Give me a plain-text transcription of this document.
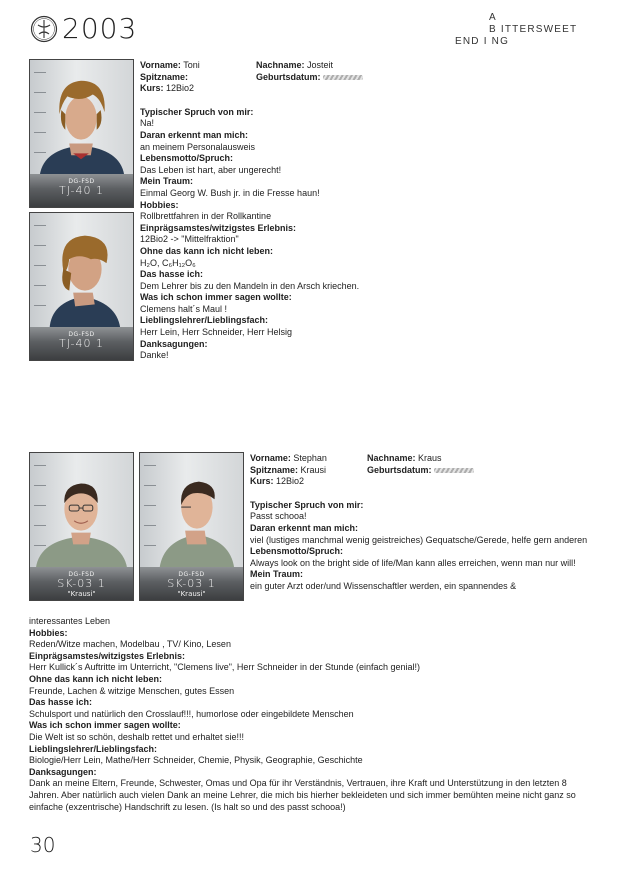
2003	A
B ITTERSWEET
END I NG
DG-FSD
TJ-40 1
DG-FSD
TJ-40 1
Vorname: Toni	Nachname: Josteit
Spitzname:	Geburtsdatum:
Kurs: 12Bio2
Typischer Spruch von mir:
Na!
Daran erkennt man mich:
an meinem Personalausweis
Lebensmotto/Spruch:
Das Leben ist hart, aber ungerecht!
Mein Traum:
Einmal Georg W. Bush jr. in die Fresse haun!
Hobbies:
Rollbrettfahren in der Rollkantine
Einprägsamstes/witzigstes Erlebnis:
12Bio2 -> "Mittelfraktion"
Ohne das kann ich nicht leben:
H₂O, C₆H₁₂O₆
Das hasse ich:
Dem Lehrer bis zu den Mandeln in den Arsch kriechen.
Was ich schon immer sagen wollte:
Clemens halt´s Maul !
Lieblingslehrer/Lieblingsfach:
Herr Lein, Herr Schneider, Herr Helsig
Danksagungen:
Danke!
DG-FSD
SK-03 1
"Krausi"
DG-FSD
SK-03 1
"Krausi"
Vorname: Stephan	Nachname: Kraus
Spitzname: Krausi	Geburtsdatum:
Kurs: 12Bio2
Typischer Spruch von mir:
Passt schooa!
Daran erkennt man mich:
viel (lustiges manchmal wenig geistreiches) Gequatsche/Gerede, helfe gern anderen
Lebensmotto/Spruch:
Always look on the bright side of life/Man kann alles erreichen, wenn man nur will!
Mein Traum:
ein guter Arzt oder/und Wissenschaftler werden, ein spannendes &
interessantes Leben
Hobbies:
Reden/Witze machen, Modelbau , TV/ Kino, Lesen
Einprägsamstes/witzigstes Erlebnis:
Herr Kullick´s Auftritte im Unterricht, "Clemens live", Herr Schneider in der Stunde (einfach genial!)
Ohne das kann ich nicht leben:
Freunde, Lachen & witzige Menschen, gutes Essen
Das hasse ich:
Schulsport und natürlich den Crosslauf!!!, humorlose oder eingebildete Menschen
Was ich schon immer sagen wollte:
Die Welt ist so schön, deshalb rettet und erhaltet sie!!!
Lieblingslehrer/Lieblingsfach:
Biologie/Herr Lein, Mathe/Herr Schneider, Chemie, Physik, Geographie, Geschichte
Danksagungen:
Dank an meine Eltern, Freunde, Schwester, Omas und Opa für ihr Verständnis, Vertrauen, ihre Kraft und Unterstützung in den letzten 8 Jahren. Aber natürlich auch vielen Dank an meine Lehrer, die mich bis hierher bekleideten und sich immer bemühten meine nicht ganz so einfache (exzentrische) Handschrift zu lesen. (Is halt so und des passt schooa!)
30
